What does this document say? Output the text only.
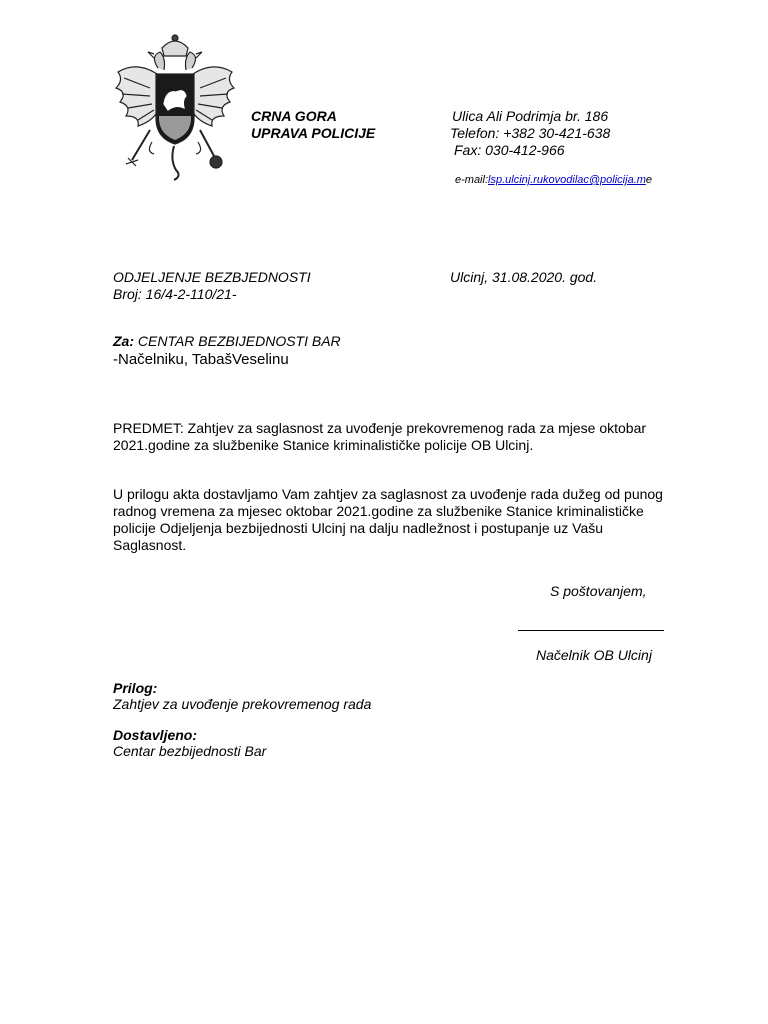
CRNA GORA
UPRAVA POLICIJE
Ulica Ali Podrimja br. 186
Telefon: +382 30-421-638
Fax: 030-412-966
e-mail:lsp.ulcinj.rukovodilac@policija.me
ODJELJENJE BEZBJEDNOSTI
Broj: 16/4-2-110/21-
Ulcinj, 31.08.2020. god.
Za: CENTAR BEZBIJEDNOSTI BAR
-Načelniku, TabašVeselinu
PREDMET: Zahtjev za saglasnost za uvođenje prekovremenog rada za mjese oktobar 2021.godine za službenike Stanice kriminalističke policije OB Ulcinj.
U prilogu akta dostavljamo Vam zahtjev za saglasnost za uvođenje rada dužeg od punog radnog vremena za mjesec oktobar 2021.godine za službenike Stanice kriminalističke policije Odjeljenja bezbijednosti Ulcinj na dalju nadležnost i postupanje uz Vašu Saglasnost.
S poštovanjem,
Načelnik OB Ulcinj
Prilog:
Zahtjev za uvođenje prekovremenog rada
Dostavljeno:
Centar bezbijednosti Bar
